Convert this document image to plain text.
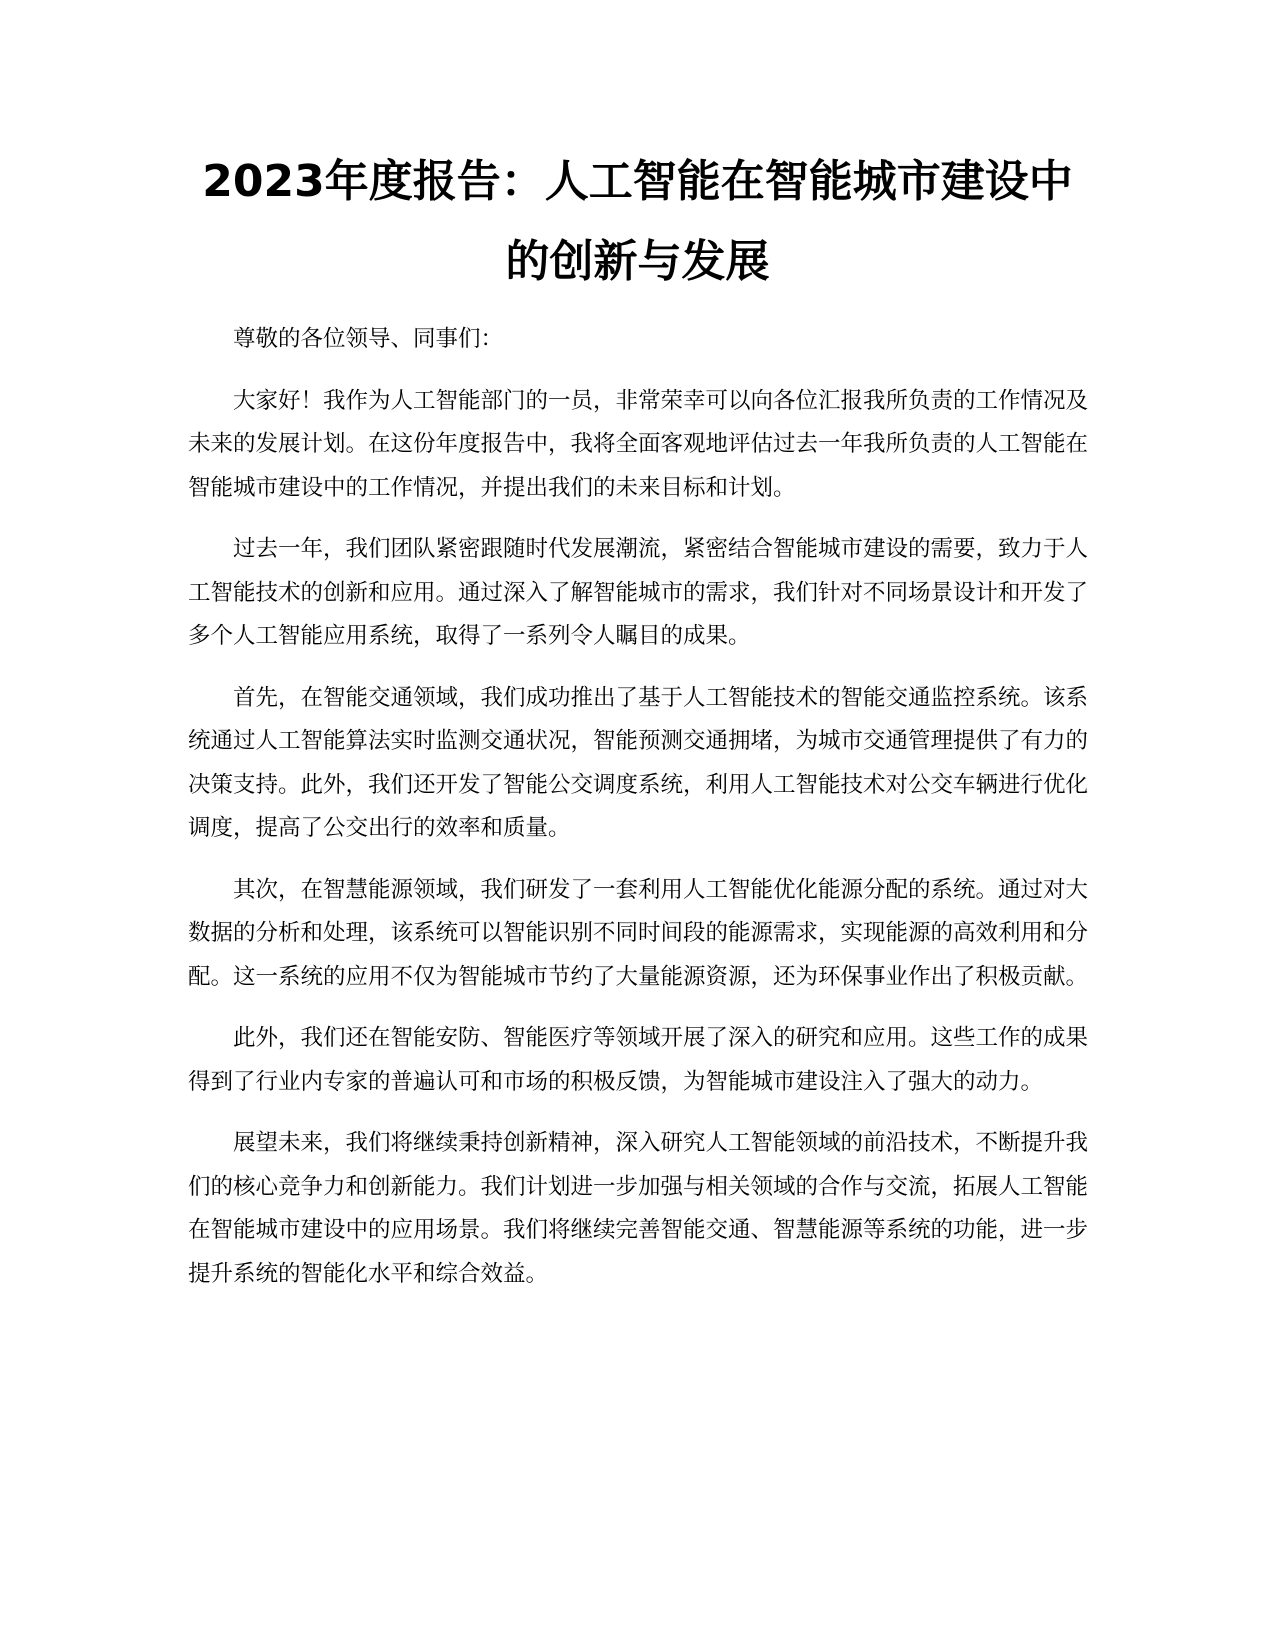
2023年度报告：人工智能在智能城市建设中
的创新与发展

尊敬的各位领导、同事们：

大家好！我作为人工智能部门的一员，非常荣幸可以向各位汇报我所负责的工作情况及未来的发展计划。在这份年度报告中，我将全面客观地评估过去一年我所负责的人工智能在智能城市建设中的工作情况，并提出我们的未来目标和计划。

过去一年，我们团队紧密跟随时代发展潮流，紧密结合智能城市建设的需要，致力于人工智能技术的创新和应用。通过深入了解智能城市的需求，我们针对不同场景设计和开发了多个人工智能应用系统，取得了一系列令人瞩目的成果。

首先，在智能交通领域，我们成功推出了基于人工智能技术的智能交通监控系统。该系统通过人工智能算法实时监测交通状况，智能预测交通拥堵，为城市交通管理提供了有力的决策支持。此外，我们还开发了智能公交调度系统，利用人工智能技术对公交车辆进行优化调度，提高了公交出行的效率和质量。

其次，在智慧能源领域，我们研发了一套利用人工智能优化能源分配的系统。通过对大数据的分析和处理，该系统可以智能识别不同时间段的能源需求，实现能源的高效利用和分配。这一系统的应用不仅为智能城市节约了大量能源资源，还为环保事业作出了积极贡献。

此外，我们还在智能安防、智能医疗等领域开展了深入的研究和应用。这些工作的成果得到了行业内专家的普遍认可和市场的积极反馈，为智能城市建设注入了强大的动力。

展望未来，我们将继续秉持创新精神，深入研究人工智能领域的前沿技术，不断提升我们的核心竞争力和创新能力。我们计划进一步加强与相关领域的合作与交流，拓展人工智能在智能城市建设中的应用场景。我们将继续完善智能交通、智慧能源等系统的功能，进一步提升系统的智能化水平和综合效益。
